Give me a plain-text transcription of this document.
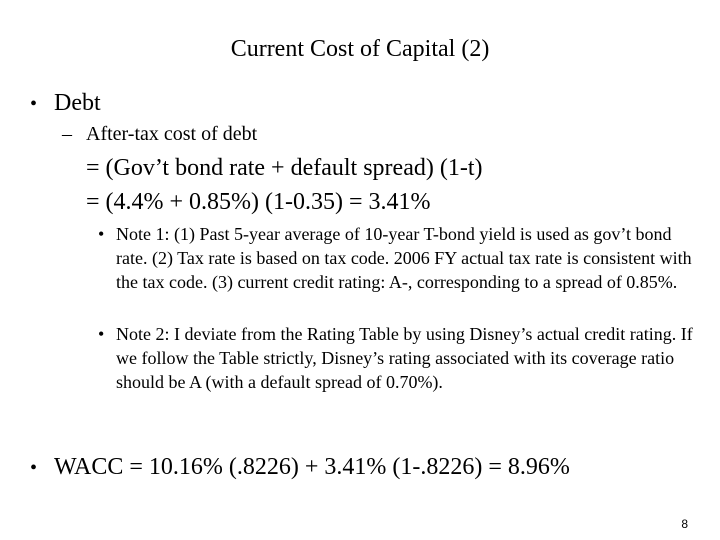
Current Cost of Capital (2)
• Debt
– After-tax cost of debt
= (Gov’t bond rate + default spread) (1-t)
= (4.4% + 0.85%) (1-0.35) = 3.41%
• Note 1: (1) Past 5-year average of 10-year T-bond yield is used as gov’t bond rate. (2) Tax rate is based on tax code. 2006 FY actual tax rate is consistent with the tax code. (3) current credit rating: A-, corresponding to a spread of 0.85%.
• Note 2: I deviate from the Rating Table by using Disney’s actual credit rating. If we follow the Table strictly, Disney’s rating associated with its coverage ratio should be A (with a default spread of 0.70%).
• WACC = 10.16% (.8226) + 3.41% (1-.8226) = 8.96%
8
